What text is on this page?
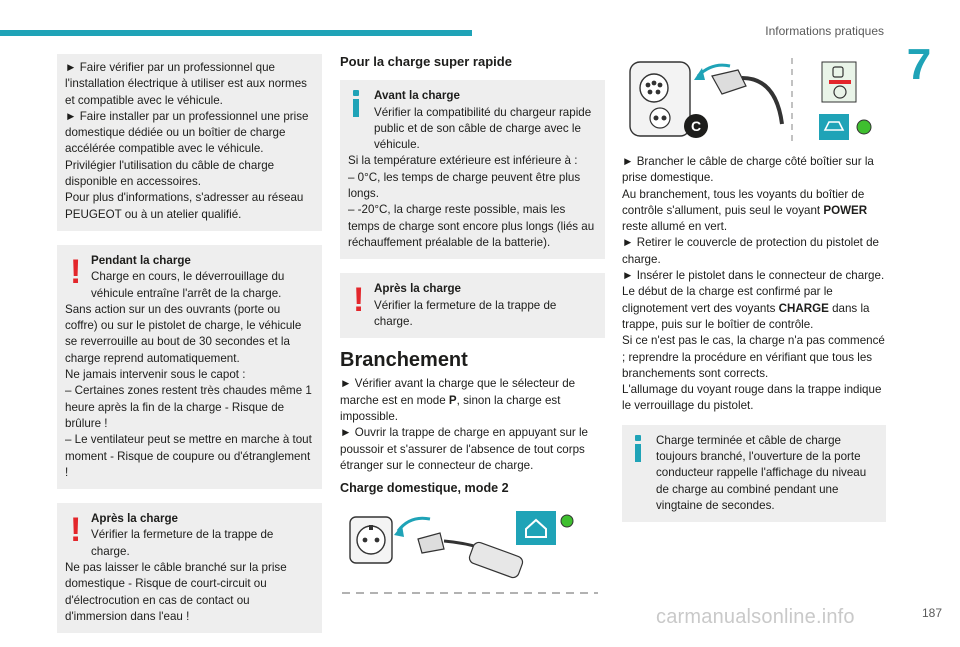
Informations pratiques
7

► Faire vérifier par un professionnel que l'installation électrique à utiliser est aux normes et compatible avec le véhicule.

► Faire installer par un professionnel une prise domestique dédiée ou un boîtier de charge accélérée compatible avec le véhicule.

Privilégier l'utilisation du câble de charge disponible en accessoires.

Pour plus d'informations, s'adresser au réseau PEUGEOT ou à un atelier qualifié.

! Pendant la charge

Charge en cours, le déverrouillage du véhicule entraîne l'arrêt de la charge.

Sans action sur un des ouvrants (porte ou coffre) ou sur le pistolet de charge, le véhicule se reverrouille au bout de 30 secondes et la charge reprend automatiquement.

Ne jamais intervenir sous le capot :

– Certaines zones restent très chaudes même 1 heure après la fin de la charge - Risque de brûlure !

– Le ventilateur peut se mettre en marche à tout moment - Risque de coupure ou d'étranglement !

! Après la charge

Vérifier la fermeture de la trappe de charge.

Ne pas laisser le câble branché sur la prise domestique - Risque de court-circuit ou d'électrocution en cas de contact ou d'immersion dans l'eau !

Pour la charge super rapide

Avant la charge

Vérifier la compatibilité du chargeur rapide public et de son câble de charge avec le véhicule.

Si la température extérieure est inférieure à :

– 0°C, les temps de charge peuvent être plus longs.

– -20°C, la charge reste possible, mais les temps de charge sont encore plus longs (liés au réchauffement préalable de la batterie).

! Après la charge

Vérifier la fermeture de la trappe de charge.

Branchement

► Vérifier avant la charge que le sélecteur de marche est en mode P, sinon la charge est impossible.

► Ouvrir la trappe de charge en appuyant sur le poussoir et s'assurer de l'absence de tout corps étranger sur le connecteur de charge.

Charge domestique, mode 2
C

► Brancher le câble de charge côté boîtier sur la prise domestique.

Au branchement, tous les voyants du boîtier de contrôle s'allument, puis seul le voyant POWER reste allumé en vert.

► Retirer le couvercle de protection du pistolet de charge.

► Insérer le pistolet dans le connecteur de charge.

Le début de la charge est confirmé par le clignotement vert des voyants CHARGE dans la trappe, puis sur le boîtier de contrôle.

Si ce n'est pas le cas, la charge n'a pas commencé ; reprendre la procédure en vérifiant que tous les branchements sont corrects.

L'allumage du voyant rouge dans la trappe indique le verrouillage du pistolet.

Charge terminée et câble de charge toujours branché, l'ouverture de la porte conducteur rappelle l'affichage du niveau de charge au combiné pendant une vingtaine de secondes.

carmanualsonline.info	187
